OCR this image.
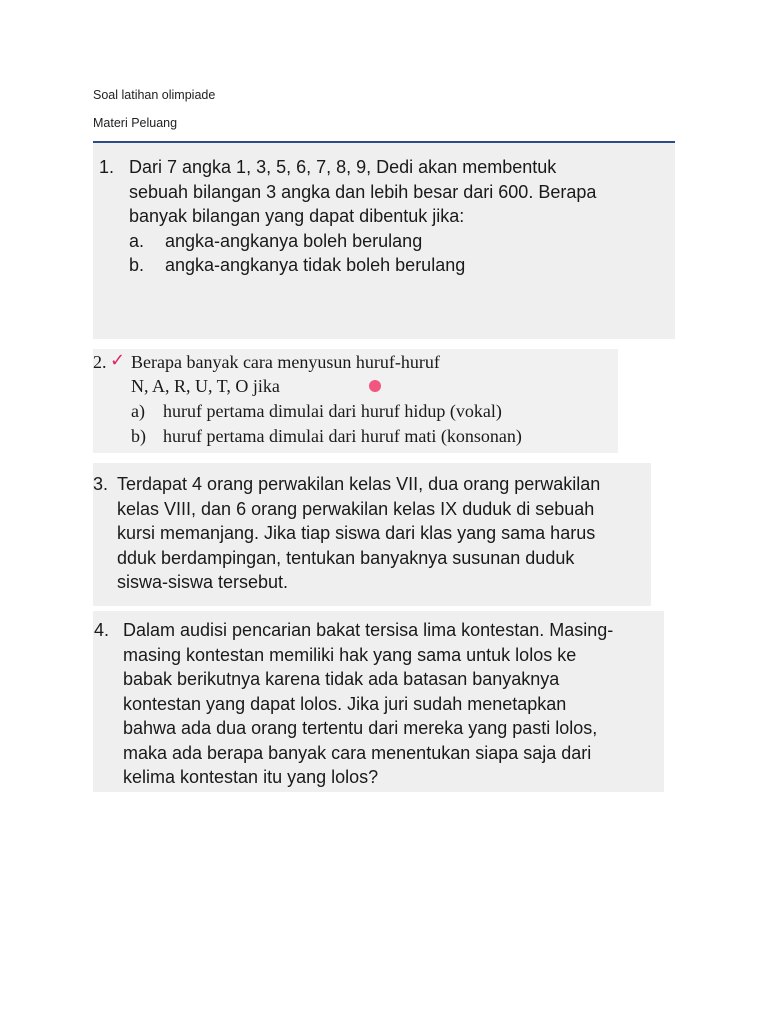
Soal latihan olimpiade
Materi Peluang
1. Dari 7 angka 1, 3, 5, 6, 7, 8, 9, Dedi akan membentuk
sebuah bilangan 3 angka dan lebih besar dari 600. Berapa
banyak bilangan yang dapat dibentuk jika:
a. angka-angkanya boleh berulang
b. angka-angkanya tidak boleh berulang
2. ✓ Berapa banyak cara menyusun huruf-huruf
N, A, R, U, T, O jika
a) huruf pertama dimulai dari huruf hidup (vokal)
b) huruf pertama dimulai dari huruf mati (konsonan)
3. Terdapat 4 orang perwakilan kelas VII, dua orang perwakilan
kelas VIII, dan 6 orang perwakilan kelas IX duduk di sebuah
kursi memanjang. Jika tiap siswa dari klas yang sama harus
dduk berdampingan, tentukan banyaknya susunan duduk
siswa-siswa tersebut.
4. Dalam audisi pencarian bakat tersisa lima kontestan. Masing-
masing kontestan memiliki hak yang sama untuk lolos ke
babak berikutnya karena tidak ada batasan banyaknya
kontestan yang dapat lolos. Jika juri sudah menetapkan
bahwa ada dua orang tertentu dari mereka yang pasti lolos,
maka ada berapa banyak cara menentukan siapa saja dari
kelima kontestan itu yang lolos?
